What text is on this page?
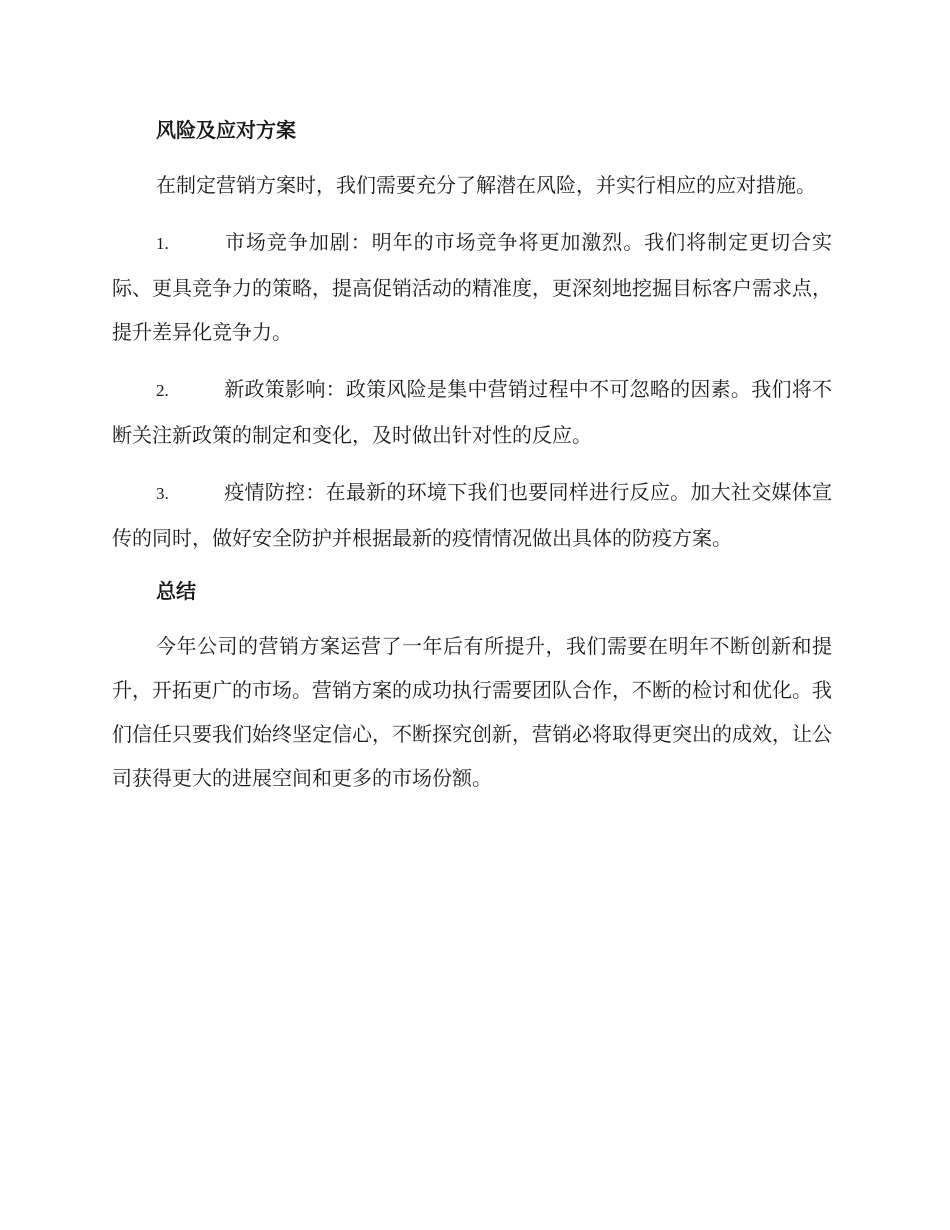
风险及应对方案

在制定营销方案时，我们需要充分了解潜在风险，并实行相应的应对措施。

1.	市场竞争加剧：明年的市场竞争将更加激烈。我们将制定更切合实际、更具竞争力的策略，提高促销活动的精准度，更深刻地挖掘目标客户需求点，提升差异化竞争力。

2.	新政策影响：政策风险是集中营销过程中不可忽略的因素。我们将不断关注新政策的制定和变化，及时做出针对性的反应。

3.	疫情防控：在最新的环境下我们也要同样进行反应。加大社交媒体宣传的同时，做好安全防护并根据最新的疫情情况做出具体的防疫方案。

总结

今年公司的营销方案运营了一年后有所提升，我们需要在明年不断创新和提升，开拓更广的市场。营销方案的成功执行需要团队合作，不断的检讨和优化。我们信任只要我们始终坚定信心，不断探究创新，营销必将取得更突出的成效，让公司获得更大的进展空间和更多的市场份额。
